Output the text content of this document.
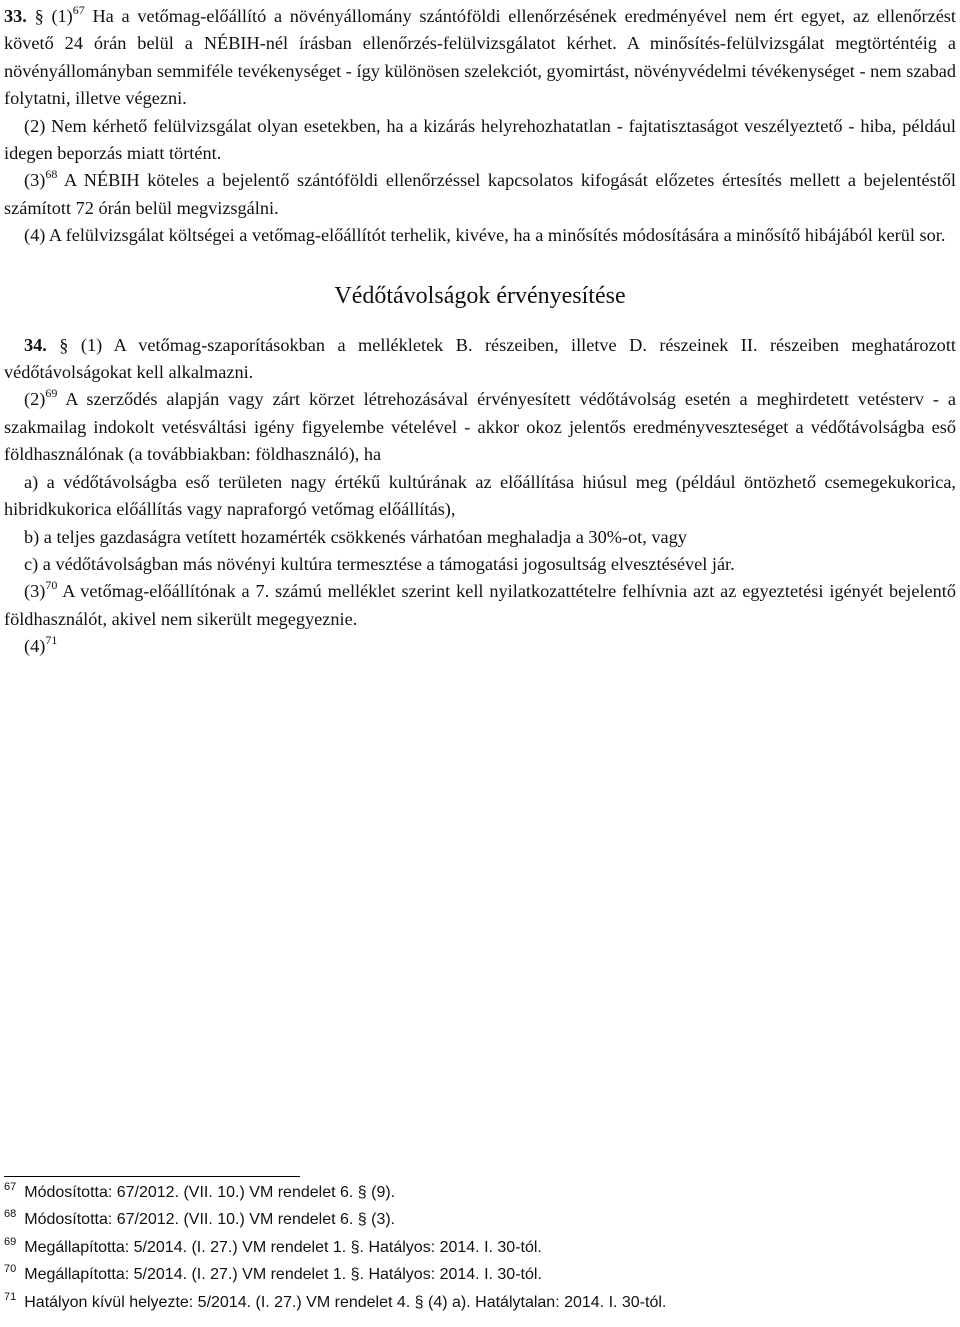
33. § $(1)^{67}$ Ha a vetőmag-előállító a növényállomány szántóföldi ellenőrzésének eredményével nem ért egyet, az ellenőrzést követő 24 órán belül a NÉBIH-nél írásban ellenőrzés-felülvizsgálatot kérhet. A minősítés-felülvizsgálat megtörténtéig a növényállományban semmiféle tevékenységet - így különösen szelekciót, gyomirtást, növényvédelmi tévékenységet - nem szabad folytatni, illetve végezni.

(2) Nem kérhető felülvizsgálat olyan esetekben, ha a kizárás helyrehozhatatlan - fajtatisztaságot veszélyeztető - hiba, például idegen beporzás miatt történt.

$(3)^{68}$ A NÉBIH köteles a bejelentő szántóföldi ellenőrzéssel kapcsolatos kifogását előzetes értesítés mellett a bejelentéstől számított 72 órán belül megvizsgálni.

(4) A felülvizsgálat költségei a vetőmag-előállítót terhelik, kivéve, ha a minősítés módosítására a minősítő hibájából kerül sor.

Védőtávolságok érvényesítése

34. § (1) A vetőmag-szaporításokban a mellékletek B. részeiben, illetve D. részeinek II. részeiben meghatározott védőtávolságokat kell alkalmazni.

$(2)^{69}$ A szerződés alapján vagy zárt körzet létrehozásával érvényesített védőtávolság esetén a meghirdetett vetésterv - a szakmailag indokolt vetésváltási igény figyelembe vételével - akkor okoz jelentős eredményveszteséget a védőtávolságba eső földhasználónak (a továbbiakban: földhasználó), ha

a) a védőtávolságba eső területen nagy értékű kultúrának az előállítása hiúsul meg (például öntözhető csemegekukorica, hibridkukorica előállítás vagy napraforgó vetőmag előállítás),

b) a teljes gazdaságra vetített hozamérték csökkenés várhatóan meghaladja a 30%-ot, vagy

c) a védőtávolságban más növényi kultúra termesztése a támogatási jogosultság elvesztésével jár.

$(3)^{70}$ A vetőmag-előállítónak a 7. számú melléklet szerint kell nyilatkozattételre felhívnia azt az egyeztetési igényét bejelentő földhasználót, akivel nem sikerült megegyeznie.

$(4)^{71}$

$^{67}$ Módosította: 67/2012. (VII. 10.) VM rendelet 6. § (9).
$^{68}$ Módosította: 67/2012. (VII. 10.) VM rendelet 6. § (3).
$^{69}$ Megállapította: 5/2014. (I. 27.) VM rendelet 1. §. Hatályos: 2014. I. 30-tól.
$^{70}$ Megállapította: 5/2014. (I. 27.) VM rendelet 1. §. Hatályos: 2014. I. 30-tól.
$^{71}$ Hatályon kívül helyezte: 5/2014. (I. 27.) VM rendelet 4. § (4) a). Hatálytalan: 2014. I. 30-tól.
